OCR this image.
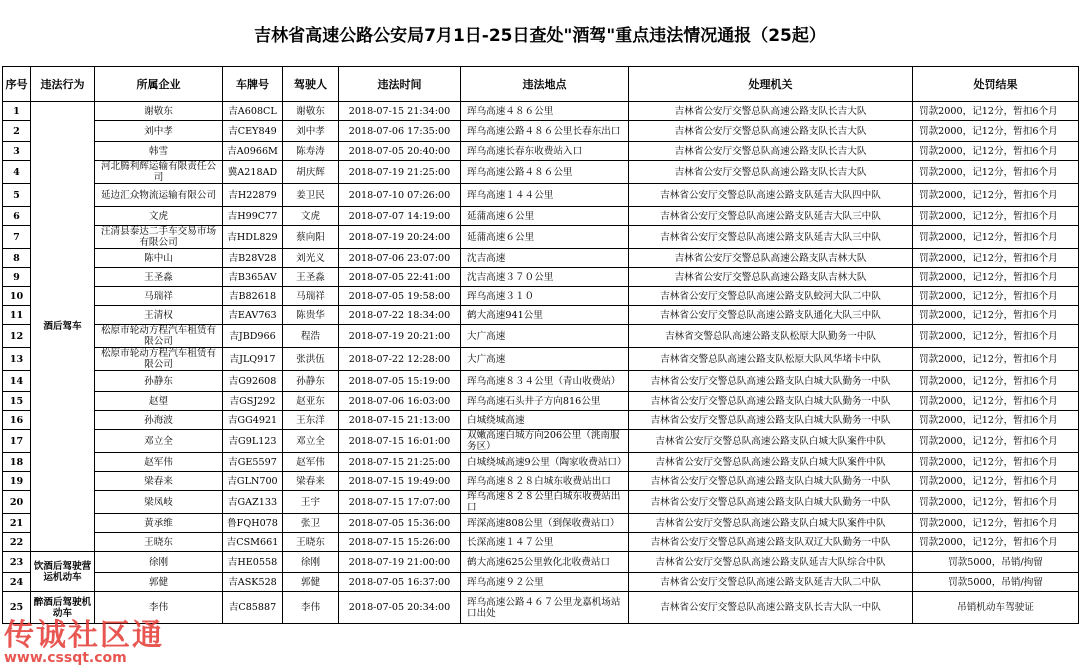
吉林省高速公路公安局7月1日-25日查处"酒驾"重点违法情况通报（25起）
序号	违法行为	所属企业	车牌号	驾驶人	违法时间	违法地点	处理机关	处罚结果
1	酒后驾车	谢敬东	吉A608CL	谢敬东	2018-07-15 21:34:00	珲乌高速４８６公里	吉林省公安厅交警总队高速公路支队长吉大队	罚款2000，记12分，暂扣6个月
2		刘中孝	吉CEY849	刘中孝	2018-07-06 17:35:00	珲乌高速公路４８６公里长春东出口	吉林省公安厅交警总队高速公路支队长吉大队	罚款2000，记12分，暂扣6个月
3		韩雪	吉A0966M	陈寿涛	2018-07-05 20:40:00	珲乌高速长春东收费站入口	吉林省公安厅交警总队高速公路支队长吉大队	罚款2000，记12分，暂扣6个月
4		河北腾利辉运输有限责任公司	冀A218AD	胡庆辉	2018-07-19 21:25:00	珲乌高速公路４８６公里	吉林省公安厅交警总队高速公路支队长吉大队	罚款2000，记12分，暂扣6个月
5		延边汇众物流运输有限公司	吉H22879	姜卫民	2018-07-10 07:26:00	珲乌高速１４４公里	吉林省公安厅交警总队高速公路支队延吉大队四中队	罚款2000，记12分，暂扣6个月
6		文虎	吉H99C77	文虎	2018-07-07 14:19:00	延蒲高速６公里	吉林省公安厅交警总队高速公路支队延吉大队三中队	罚款2000，记12分，暂扣6个月
7		汪清县泰达二手车交易市场有限公司	吉HDL829	蔡向阳	2018-07-19 20:24:00	延蒲高速６公里	吉林省公安厅交警总队高速公路支队延吉大队三中队	罚款2000，记12分，暂扣6个月
8		陈中山	吉B28V28	刘光义	2018-07-06 23:07:00	沈吉高速	吉林省公安厅交警总队高速公路支队吉林大队	罚款2000，记12分，暂扣6个月
9		王圣淼	吉B365AV	王圣淼	2018-07-05 22:41:00	沈吉高速３７０公里	吉林省公安厅交警总队高速公路支队吉林大队	罚款2000，记12分，暂扣6个月
10		马瑞祥	吉B82618	马瑞祥	2018-07-05 19:58:00	珲乌高速３１０	吉林省公安厅交警总队高速公路支队蛟河大队二中队	罚款2000，记12分，暂扣6个月
11		王清权	吉EAV763	陈贵华	2018-07-22 18:34:00	鹤大高速941公里	吉林省公安厅交警总队高速公路支队通化大队三中队	罚款2000，记12分，暂扣6个月
12		松原市轮动方程汽车租赁有限公司	吉JBD966	程浩	2018-07-19 20:21:00	大广高速	吉林省交警总队高速公路支队松原大队勤务一中队	罚款2000，记12分，暂扣6个月
13		松原市轮动方程汽车租赁有限公司	吉JLQ917	张洪伍	2018-07-22 12:28:00	大广高速	吉林省交警总队高速公路支队松原大队风华堵卡中队	罚款2000，记12分，暂扣6个月
14		孙静东	吉G92608	孙静东	2018-07-05 15:19:00	珲乌高速８３４公里（青山收费站）	吉林省公安厅交警总队高速公路支队白城大队勤务一中队	罚款2000，记12分，暂扣6个月
15		赵望	吉GSJ292	赵亚东	2018-07-06 16:03:00	珲乌高速石头井子方向816公里	吉林省公安厅交警总队高速公路支队白城大队勤务一中队	罚款2000，记12分，暂扣6个月
16		孙海波	吉GG4921	王东洋	2018-07-15 21:13:00	白城绕城高速	吉林省公安厅交警总队高速公路支队白城大队勤务一中队	罚款2000，记12分，暂扣6个月
17		邓立全	吉G9L123	邓立全	2018-07-15 16:01:00	双嫩高速白城方向206公里（洮南服务区）	吉林省公安厅交警总队高速公路支队白城大队案件中队	罚款2000，记12分，暂扣6个月
18		赵军伟	吉GE5597	赵军伟	2018-07-15 21:25:00	白城绕城高速9公里（陶家收费站口）	吉林省公安厅交警总队高速公路支队白城大队案件中队	罚款2000，记12分，暂扣6个月
19		梁春来	吉GLN700	梁春来	2018-07-15 19:49:00	珲乌高速８２８白城东收费站出口	吉林省公安厅交警总队高速公路支队白城大队勤务一中队	罚款2000，记12分，暂扣6个月
20		梁凤岐	吉GAZ133	王宇	2018-07-15 17:07:00	珲乌高速８２８公里白城东收费站出口	吉林省公安厅交警总队高速公路支队白城大队勤务一中队	罚款2000，记12分，暂扣6个月
21		黄承维	鲁FQH078	张卫	2018-07-05 15:36:00	珲深高速808公里（到保收费站口）	吉林省公安厅交警总队高速公路支队白城大队案件中队	罚款2000，记12分，暂扣6个月
22		王晓东	吉CSM661	王晓东	2018-07-15 15:26:00	长深高速１４７公里	吉林省公安厅交警总队高速公路支队双辽大队勤务一中队	罚款2000，记12分，暂扣6个月
23	饮酒后驾驶营运机动车	徐刚	吉HE0558	徐刚	2018-07-19 21:00:00	鹤大高速625公里敦化北收费站口	吉林省公安厅交警总队高速公路支队延吉大队综合中队	罚款5000，吊销/拘留
24		郭健	吉ASK528	郭健	2018-07-05 16:37:00	珲乌高速９２公里	吉林省公安厅交警总队高速公路支队延吉大队二中队	罚款5000，吊销/拘留
25	醉酒后驾驶机动车	李伟	吉C85887	李伟	2018-07-05 20:34:00	珲乌高速公路４６７公里龙嘉机场站口出处	吉林省公安厅交警总队高速公路支队长吉大队一中队	吊销机动车驾驶证
传诚社区通
www.cssqt.com
